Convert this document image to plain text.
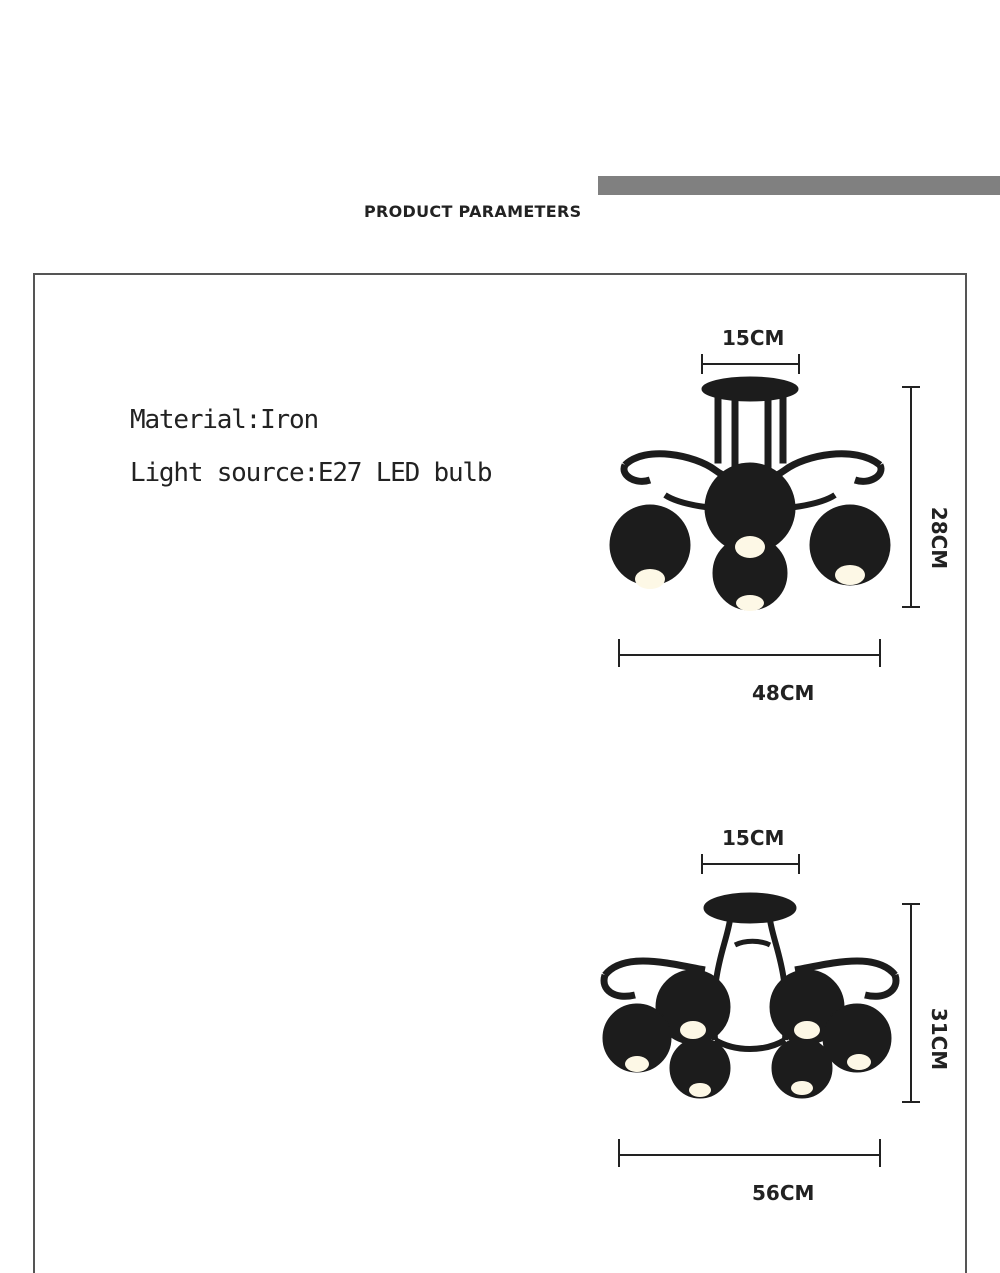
PRODUCT PARAMETERS
Material:Iron
Light source:E27 LED bulb
15CM
28CM
48CM
15CM
31CM
56CM
